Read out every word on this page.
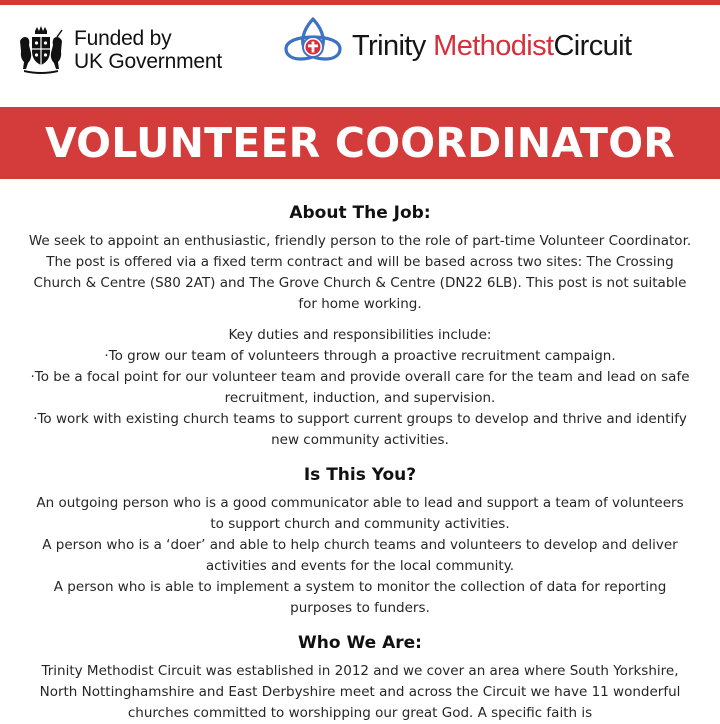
Funded by
UK Government	Trinity MethodistCircuit
VOLUNTEER COORDINATOR
About The Job:

We seek to appoint an enthusiastic, friendly person to the role of part-time Volunteer Coordinator. The post is offered via a fixed term contract and will be based across two sites: The Crossing Church & Centre (S80 2AT) and The Grove Church & Centre (DN22 6LB). This post is not suitable for home working.

Key duties and responsibilities include:

·To grow our team of volunteers through a proactive recruitment campaign.

·To be a focal point for our volunteer team and provide overall care for the team and lead on safe recruitment, induction, and supervision.

·To work with existing church teams to support current groups to develop and thrive and identify new community activities.

Is This You?

An outgoing person who is a good communicator able to lead and support a team of volunteers to support church and community activities.

A person who is a ‘doer’ and able to help church teams and volunteers to develop and deliver activities and events for the local community.

A person who is able to implement a system to monitor the collection of data for reporting purposes to funders.

Who We Are:

Trinity Methodist Circuit was established in 2012 and we cover an area where South Yorkshire, North Nottinghamshire and East Derbyshire meet and across the Circuit we have 11 wonderful churches committed to worshipping our great God. A specific faith is
